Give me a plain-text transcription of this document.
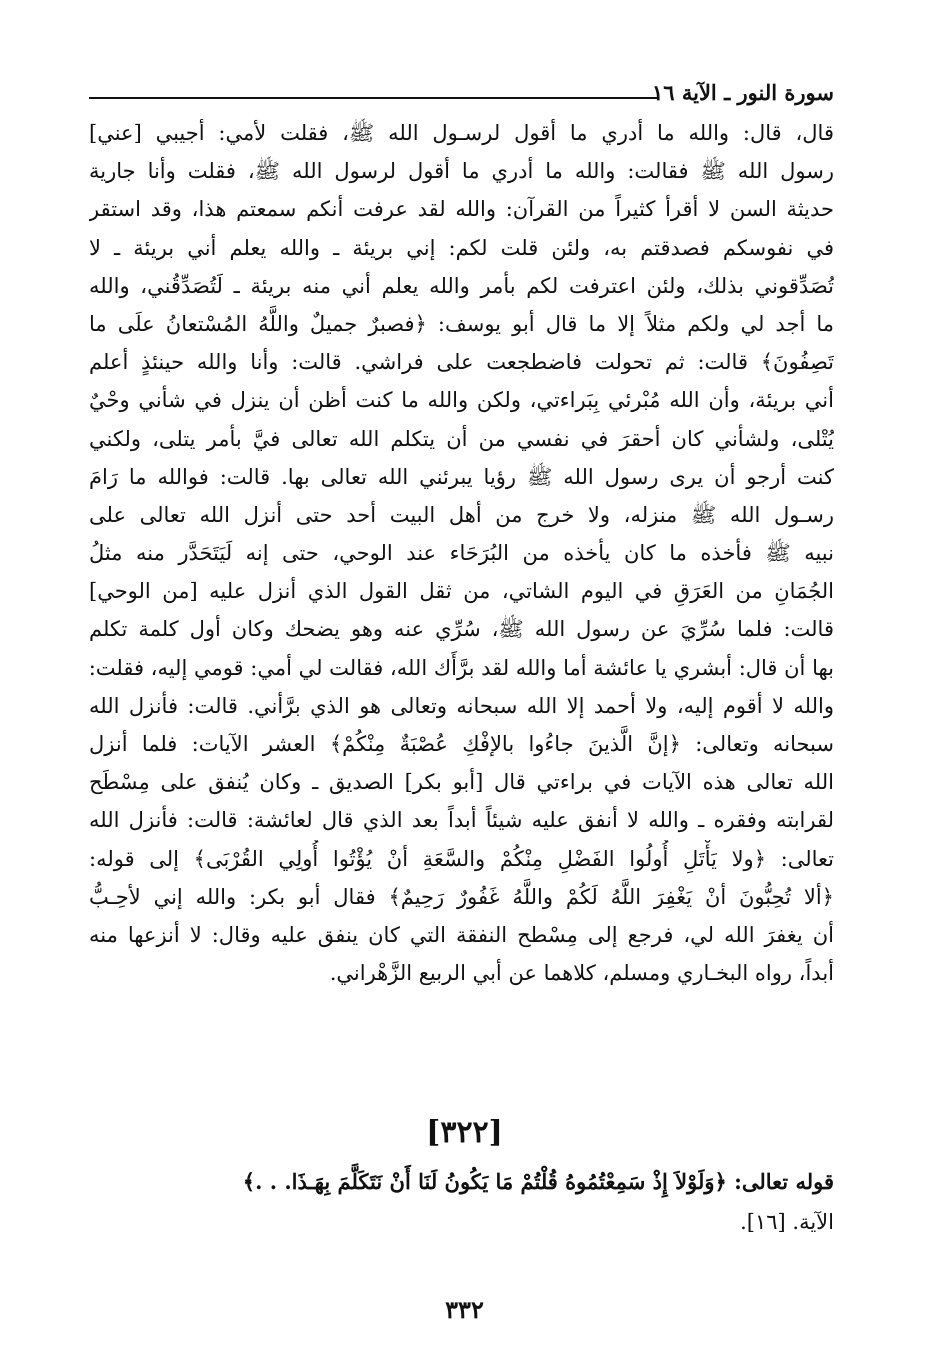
سورة النور ـ الآية ١٦
قال، قال: والله ما أدري ما أقول لرسـول الله ﷺ، فقلت لأمي: أجيبي [عني]
رسول الله ﷺ فقالت: والله ما أدري ما أقول لرسول الله ﷺ، فقلت وأنا جارية
حديثة السن لا أقرأ كثيراً من القرآن: والله لقد عرفت أنكم سمعتم هذا، وقد استقر
في نفوسكم فصدقتم به، ولئن قلت لكم: إني بريئة ـ والله يعلم أني بريئة ـ لا
تُصَدِّقوني بذلك، ولئن اعترفت لكم بأمر والله يعلم أني منه بريئة ـ لَتُصَدِّقُني، والله
ما أجد لي ولكم مثلاً إلا ما قال أبو يوسف: ﴿فصبرٌ جميلٌ واللَّهُ المُسْتعانُ علَى ما
تَصِفُونَ﴾ قالت: ثم تحولت فاضطجعت على فراشي. قالت: وأنا والله حينئذٍ أعلم
أني بريئة، وأن الله مُبْرئي بِبَراءتي، ولكن والله ما كنت أظن أن ينزل في شأني وحْيٌ
يُتْلى، ولشأني كان أحقرَ في نفسي من أن يتكلم الله تعالى فيَّ بأمر يتلى، ولكني
كنت أرجو أن يرى رسول الله ﷺ رؤيا يبرئني الله تعالى بها. قالت: فوالله ما رَامَ
رسـول الله ﷺ منزله، ولا خرج من أهل البيت أحد حتى أنزل الله تعالى على
نبيه ﷺ فأخذه ما كان يأخذه من البُرَحَاء عند الوحي، حتى إنه لَيَتَحَدَّر منه مثلُ
الجُمَانِ من العَرَقِ في اليوم الشاتي، من ثقل القول الذي أنزل عليه [من الوحي]
قالت: فلما سُرِّيَ عن رسول الله ﷺ، سُرِّي عنه وهو يضحك وكان أول كلمة تكلم
بها أن قال: أبشري يا عائشة أما والله لقد برَّأَك الله، فقالت لي أمي: قومي إليه، فقلت:
والله لا أقوم إليه، ولا أحمد إلا الله سبحانه وتعالى هو الذي برَّأني. قالت: فأنزل الله
سبحانه وتعالى: ﴿إنَّ الَّذينَ جاءُوا بالإفْكِ عُصْبَةٌ مِنْكُمْ﴾ العشر الآيات: فلما أنزل
الله تعالى هذه الآيات في براءتي قال [أبو بكر] الصديق ـ وكان يُنفق على مِسْطَح
لقرابته وفقره ـ والله لا أنفق عليه شيئاً أبداً بعد الذي قال لعائشة: قالت: فأنزل الله
تعالى: ﴿ولا يَأْتَلِ أُولُوا الفَضْلِ مِنْكُمْ والسَّعَةِ أنْ يُؤْتُوا أُولِي القُرْبَى﴾ إلى قوله:
﴿ألا تُحِبُّونَ أنْ يَغْفِرَ اللَّهُ لَكُمْ واللَّهُ غَفُورٌ رَحِيمٌ﴾ فقال أبو بكر: والله إني لأحِـبُّ
أن يغفرَ الله لي، فرجع إلى مِسْطح النفقة التي كان ينفق عليه وقال: لا أنزعها منه
أبداً، رواه البخـاري ومسلم، كلاهما عن أبي الربيع الزَّهْراني.
[٣٢٢]
قوله تعالى: ﴿وَلَوْلاَ إِذْ سَمِعْتُمُوهُ قُلْتُمْ مَا يَكُونُ لَنَا أَنْ نَتَكَلَّمَ بِهَـذَا. . .﴾
الآية. [١٦].
٣٣٢
